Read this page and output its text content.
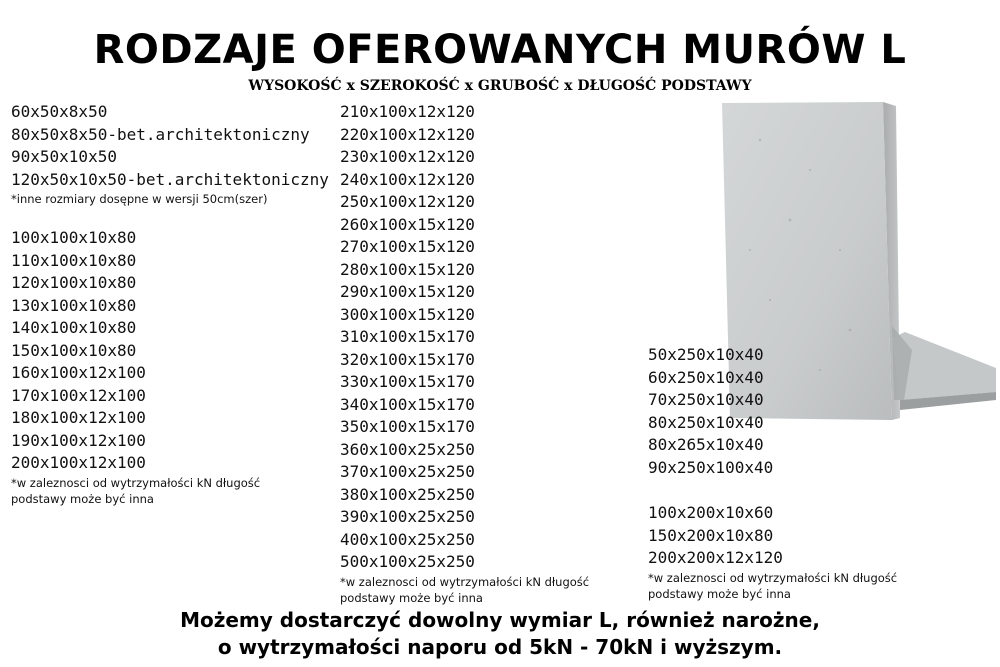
RODZAJE OFEROWANYCH MURÓW L
WYSOKOŚĆ x SZEROKOŚĆ x GRUBOŚĆ x DŁUGOŚĆ PODSTAWY
60x50x8x50
80x50x8x50-bet.architektoniczny
90x50x10x50
120x50x10x50-bet.architektoniczny
*inne rozmiary dosępne w wersji 50cm(szer)
100x100x10x80
110x100x10x80
120x100x10x80
130x100x10x80
140x100x10x80
150x100x10x80
160x100x12x100
170x100x12x100
180x100x12x100
190x100x12x100
200x100x12x100
*w zaleznosci od wytrzymałości kN długość podstawy może być inna
210x100x12x120
220x100x12x120
230x100x12x120
240x100x12x120
250x100x12x120
260x100x15x120
270x100x15x120
280x100x15x120
290x100x15x120
300x100x15x120
310x100x15x170
320x100x15x170
330x100x15x170
340x100x15x170
350x100x15x170
360x100x25x250
370x100x25x250
380x100x25x250
390x100x25x250
400x100x25x250
500x100x25x250
*w zaleznosci od wytrzymałości kN długość podstawy może być inna
50x250x10x40
60x250x10x40
70x250x10x40
80x250x10x40
80x265x10x40
90x250x100x40
100x200x10x60
150x200x10x80
200x200x12x120
*w zaleznosci od wytrzymałości kN długość podstawy może być inna
Możemy dostarczyć dowolny wymiar L, również narożne,
o wytrzymałości naporu od 5kN - 70kN i wyższym.
